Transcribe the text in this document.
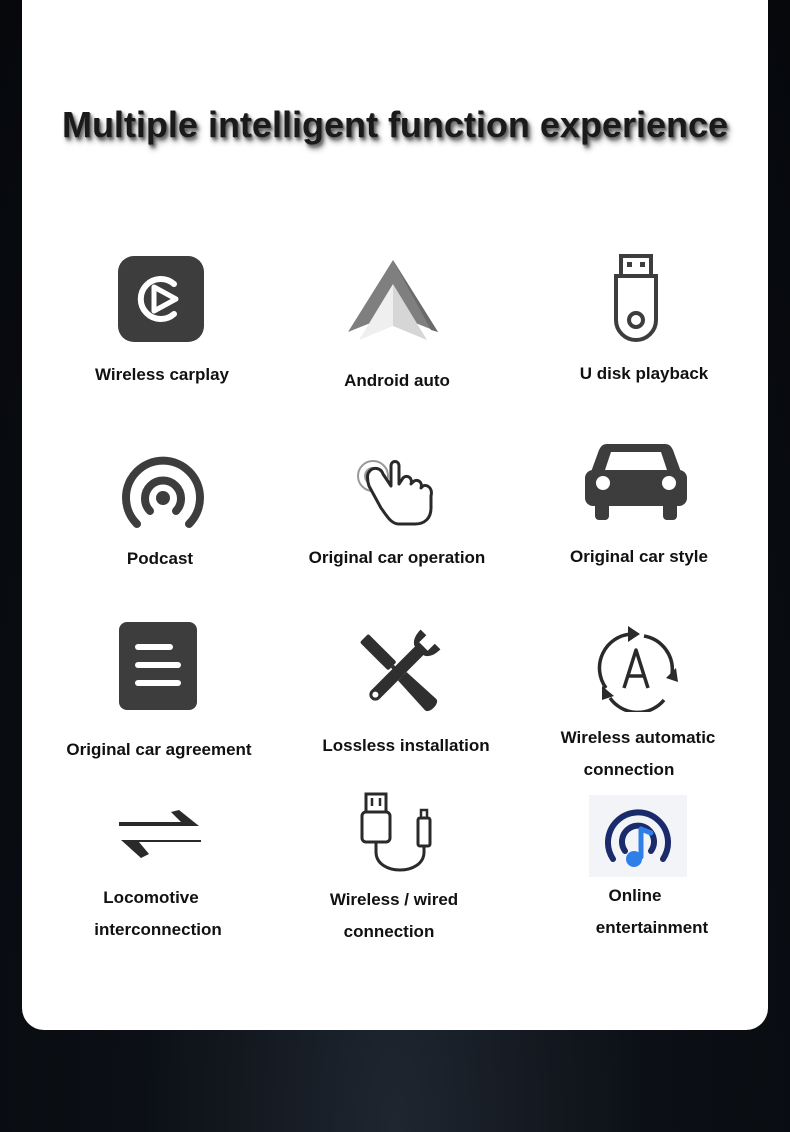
Multiple intelligent function experience
Wireless carplay	Android auto	U disk playback
Podcast	Original car operation	Original car style
Original car agreement	Lossless installation	Wireless automatic
connection
Locomotive
interconnection
Wireless / wired
connection
Online
entertainment
